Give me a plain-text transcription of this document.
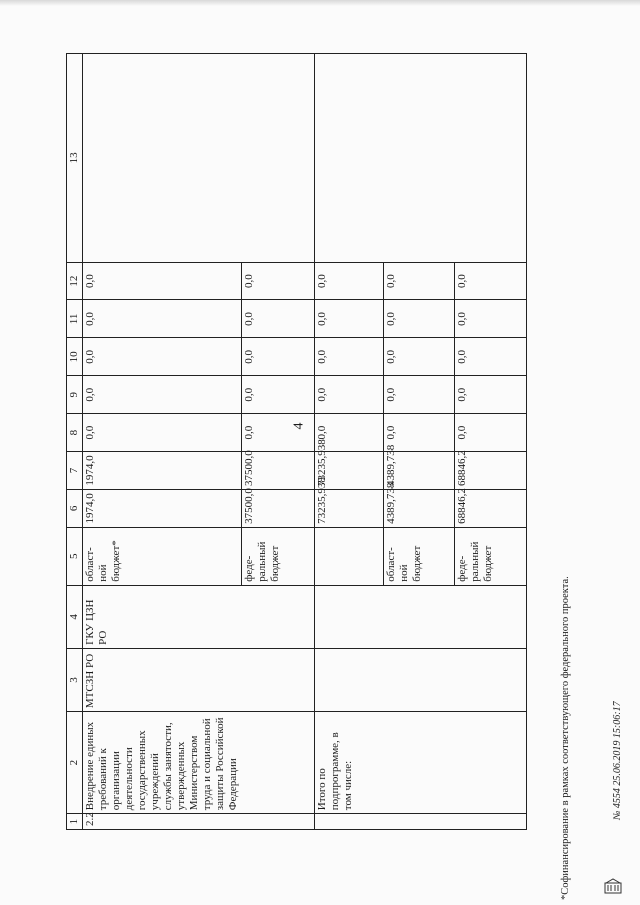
4
1	2	3	4	5	6	7	8	9	10	11	12	13
2.2	Внедрение единых требований к организации деятельности государственных учреждений службы занятости, утвержденных Министерством труда и социальной защиты Российской Федерации	МТСЗН РО	ГКУ ЦЗН РО	област-ной бюджет*	1974,0	1974,0	0,0	0,0	0,0	0,0	0,0	
				феде-ральный бюджет	37500,0	37500,0	0,0	0,0	0,0	0,0	0,0	
	Итого по подпрограмме, в том числе:				73235,938	73235,938	0,0	0,0	0,0	0,0	0,0	
				област-ной бюджет	4389,738	4389,738	0,0	0,0	0,0	0,0	0,0	
				феде-ральный бюджет	68846,2	68846,2	0,0	0,0	0,0	0,0	0,0	
*Софинансирование в рамках соответствующего федерального проекта.	№ 4554 25.06.2019 15:06:17
